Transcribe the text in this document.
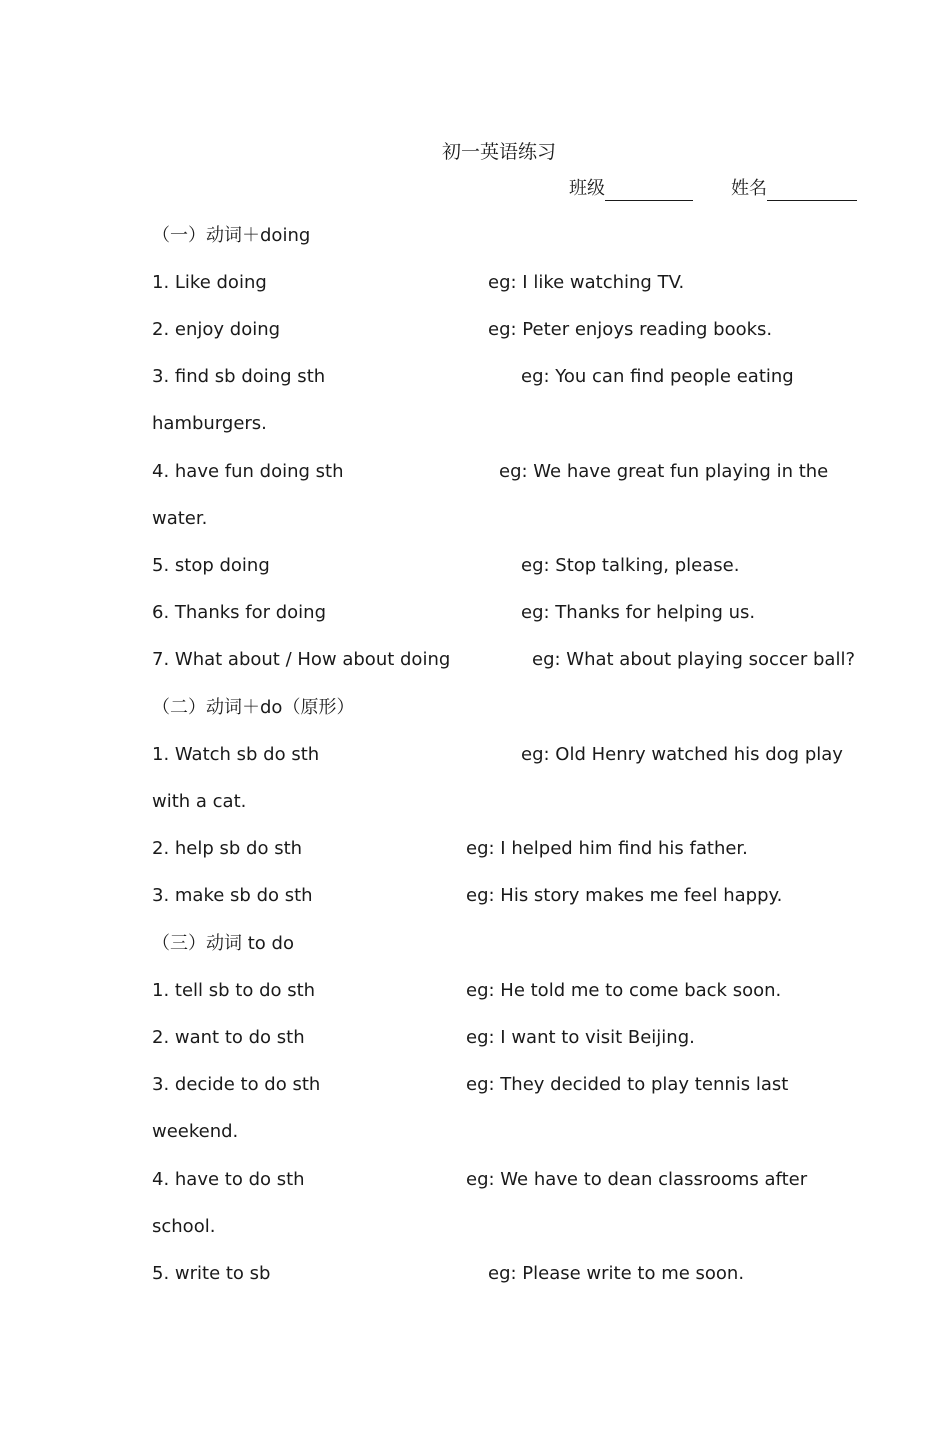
初一英语练习
班级	姓名
（一）动词＋doing
1. Like doing	eg: I like watching TV.
2. enjoy doing	eg: Peter enjoys reading books.
3. find sb doing sth	eg: You can find people eating
hamburgers.
4. have fun doing sth	eg: We have great fun playing in the
water.
5. stop doing	eg: Stop talking, please.
6. Thanks for doing	eg: Thanks for helping us.
7. What about / How about doing	eg: What about playing soccer ball?
（二）动词＋do（原形）
1. Watch sb do sth	eg: Old Henry watched his dog play
with a cat.
2. help sb do sth	eg: I helped him find his father.
3. make sb do sth	eg: His story makes me feel happy.
（三）动词 to do
1. tell sb to do sth	eg: He told me to come back soon.
2. want to do sth	eg: I want to visit Beijing.
3. decide to do sth	eg: They decided to play tennis last
weekend.
4. have to do sth	eg: We have to dean classrooms after
school.
5. write to sb	eg: Please write to me soon.
